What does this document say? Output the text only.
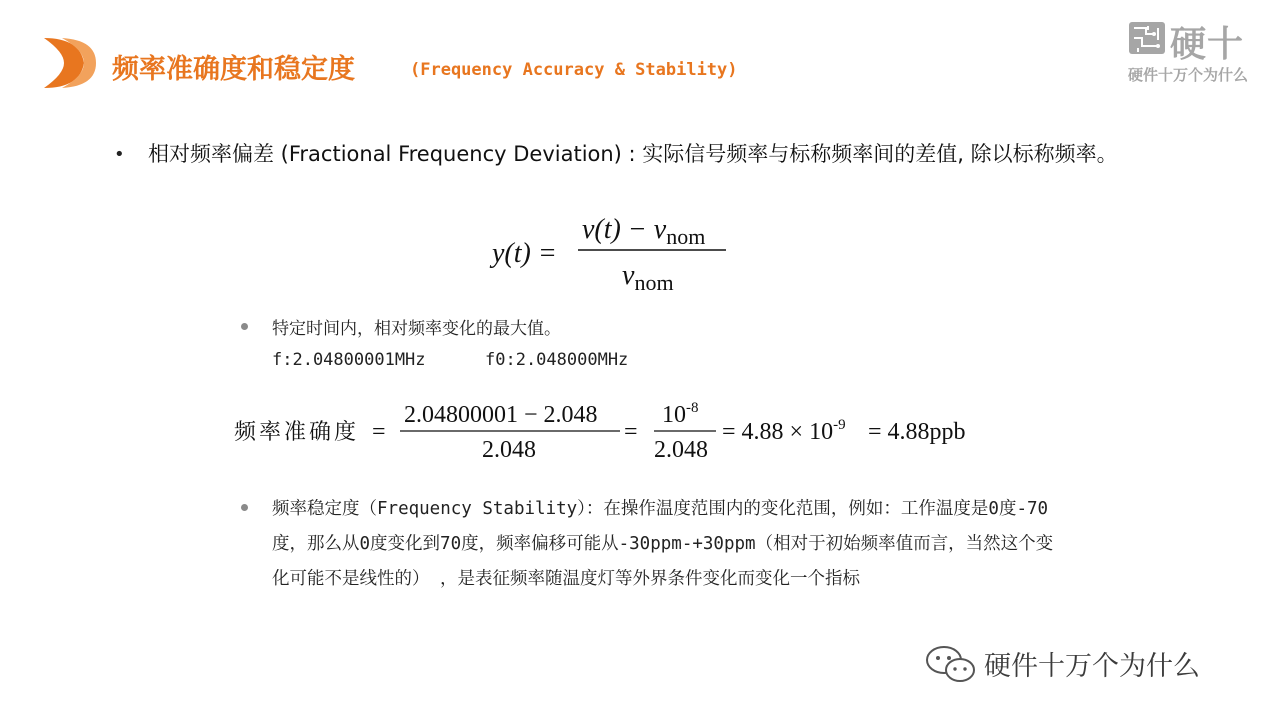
频率准确度和稳定度	(Frequency Accuracy & Stability)
硬十
硬件十万个为什么
• 相对频率偏差 (Fractional Frequency Deviation) : 实际信号频率与标称频率间的差值, 除以标称频率。
y(t) =
$\nu(t) - \nu_{nom}$
$\nu_{nom}$
特定时间内，相对频率变化的最大值。
f:2.04800001MHz	f0:2.048000MHz
频率准确度 =
2.04800001 − 2.048
2.048
=
$10^{-8}$
2.048
= $4.88 \times 10^{-9} = 4.88ppb$
频率稳定度（Frequency Stability）：在操作温度范围内的变化范围，例如：工作温度是0度-70度，那么从0度变化到70度，频率偏移可能从-30ppm-+30ppm（相对于初始频率值而言，当然这个变化可能不是线性的） ，是表征频率随温度灯等外界条件变化而变化一个指标
硬件十万个为什么
